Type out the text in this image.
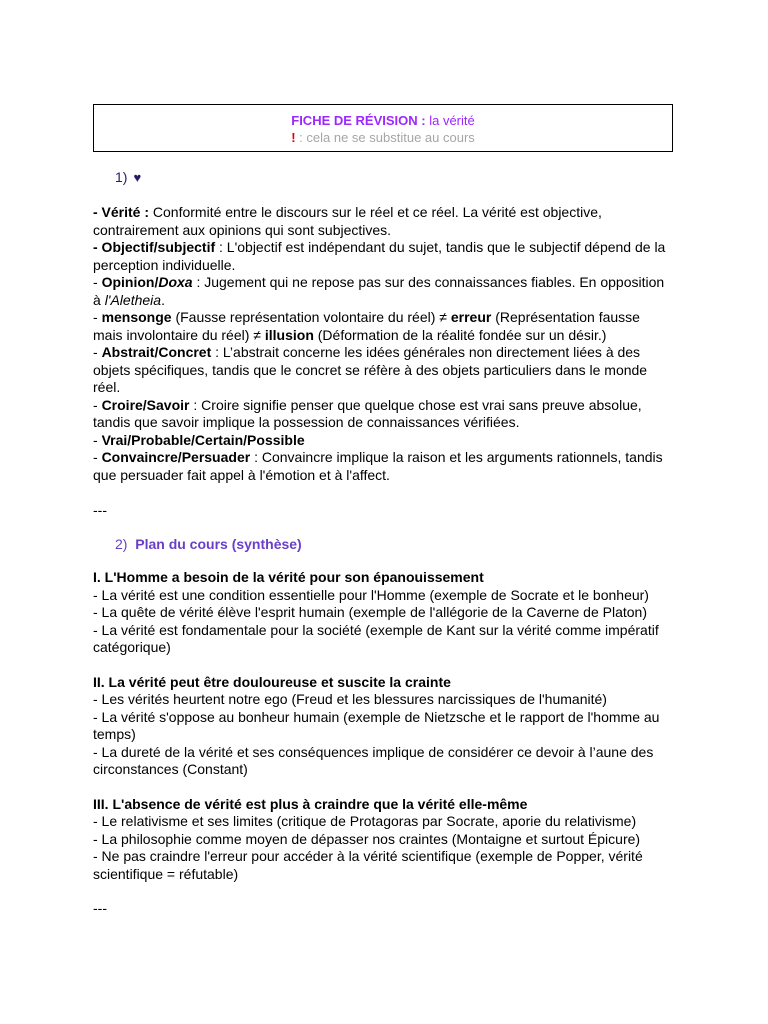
FICHE DE RÉVISION : la vérité
! : cela ne se substitue au cours
1) ♥
- Vérité : Conformité entre le discours sur le réel et ce réel. La vérité est objective, contrairement aux opinions qui sont subjectives.
- Objectif/subjectif : L'objectif est indépendant du sujet, tandis que le subjectif dépend de la perception individuelle.
- Opinion/Doxa : Jugement qui ne repose pas sur des connaissances fiables. En opposition à l'Aletheia.
- mensonge (Fausse représentation volontaire du réel) ≠ erreur (Représentation fausse mais involontaire du réel) ≠ illusion (Déformation de la réalité fondée sur un désir.)
- Abstrait/Concret : L’abstrait concerne les idées générales non directement liées à des objets spécifiques, tandis que le concret se réfère à des objets particuliers dans le monde réel.
- Croire/Savoir : Croire signifie penser que quelque chose est vrai sans preuve absolue, tandis que savoir implique la possession de connaissances vérifiées.
- Vrai/Probable/Certain/Possible
- Convaincre/Persuader : Convaincre implique la raison et les arguments rationnels, tandis que persuader fait appel à l'émotion et à l'affect.
---
2) Plan du cours (synthèse)
I. L'Homme a besoin de la vérité pour son épanouissement
- La vérité est une condition essentielle pour l'Homme (exemple de Socrate et le bonheur)
- La quête de vérité élève l'esprit humain (exemple de l'allégorie de la Caverne de Platon)
- La vérité est fondamentale pour la société (exemple de Kant sur la vérité comme impératif catégorique)
II. La vérité peut être douloureuse et suscite la crainte
- Les vérités heurtent notre ego (Freud et les blessures narcissiques de l'humanité)
- La vérité s'oppose au bonheur humain (exemple de Nietzsche et le rapport de l'homme au temps)
- La dureté de la vérité et ses conséquences implique de considérer ce devoir à l’aune des circonstances (Constant)
III. L'absence de vérité est plus à craindre que la vérité elle-même
- Le relativisme et ses limites (critique de Protagoras par Socrate, aporie du relativisme)
- La philosophie comme moyen de dépasser nos craintes (Montaigne et surtout Épicure)
- Ne pas craindre l'erreur pour accéder à la vérité scientifique (exemple de Popper, vérité scientifique = réfutable)
---
